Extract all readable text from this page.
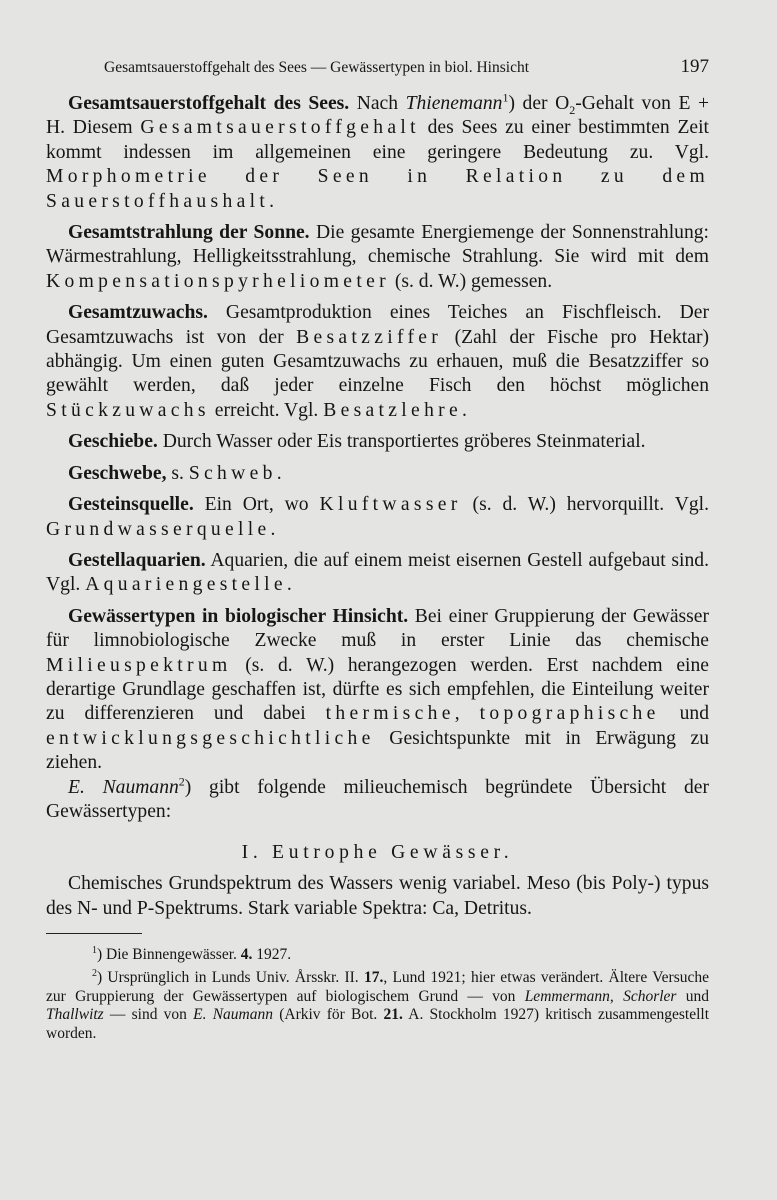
Gesamtsauerstoffgehalt des Sees — Gewässertypen in biol. Hinsicht	197

Gesamtsauerstoffgehalt des Sees. Nach Thienemann$^1$) der $O_2$-Gehalt von E + H. Diesem Gesamtsauerstoffgehalt des Sees zu einer bestimmten Zeit kommt indessen im allgemeinen eine geringere Bedeutung zu. Vgl. Morphometrie der Seen in Relation zu dem Sauerstoffhaushalt.

Gesamtstrahlung der Sonne. Die gesamte Energiemenge der Sonnenstrahlung: Wärmestrahlung, Helligkeitsstrahlung, chemische Strahlung. Sie wird mit dem Kompensationspyrheliometer (s. d. W.) gemessen.

Gesamtzuwachs. Gesamtproduktion eines Teiches an Fischfleisch. Der Gesamtzuwachs ist von der Besatzziffer (Zahl der Fische pro Hektar) abhängig. Um einen guten Gesamtzuwachs zu erhauen, muß die Besatzziffer so gewählt werden, daß jeder einzelne Fisch den höchst möglichen Stückzuwachs erreicht. Vgl. Besatzlehre.

Geschiebe. Durch Wasser oder Eis transportiertes gröberes Steinmaterial.

Geschwebe, s. Schweb.

Gesteinsquelle. Ein Ort, wo Kluftwasser (s. d. W.) hervorquillt. Vgl. Grundwasserquelle.

Gestellaquarien. Aquarien, die auf einem meist eisernen Gestell aufgebaut sind. Vgl. Aquariengestelle.

Gewässertypen in biologischer Hinsicht. Bei einer Gruppierung der Gewässer für limnobiologische Zwecke muß in erster Linie das chemische Milieuspektrum (s. d. W.) herangezogen werden. Erst nachdem eine derartige Grundlage geschaffen ist, dürfte es sich empfehlen, die Einteilung weiter zu differenzieren und dabei thermische, topographische und entwicklungsgeschichtliche Gesichtspunkte mit in Erwägung zu ziehen.

E. Naumann$^2$) gibt folgende milieuchemisch begründete Übersicht der Gewässertypen:

I. Eutrophe Gewässer.

Chemisches Grundspektrum des Wassers wenig variabel. Meso (bis Poly-) typus des N- und P-Spektrums. Stark variable Spektra: Ca, Detritus.

$^1$) Die Binnengewässer. 4. 1927.

$^2$) Ursprünglich in Lunds Univ. Årsskr. II. 17., Lund 1921; hier etwas verändert. Ältere Versuche zur Gruppierung der Gewässertypen auf biologischem Grund — von Lemmermann, Schorler und Thallwitz — sind von E. Naumann (Arkiv för Bot. 21. A. Stockholm 1927) kritisch zusammengestellt worden.
